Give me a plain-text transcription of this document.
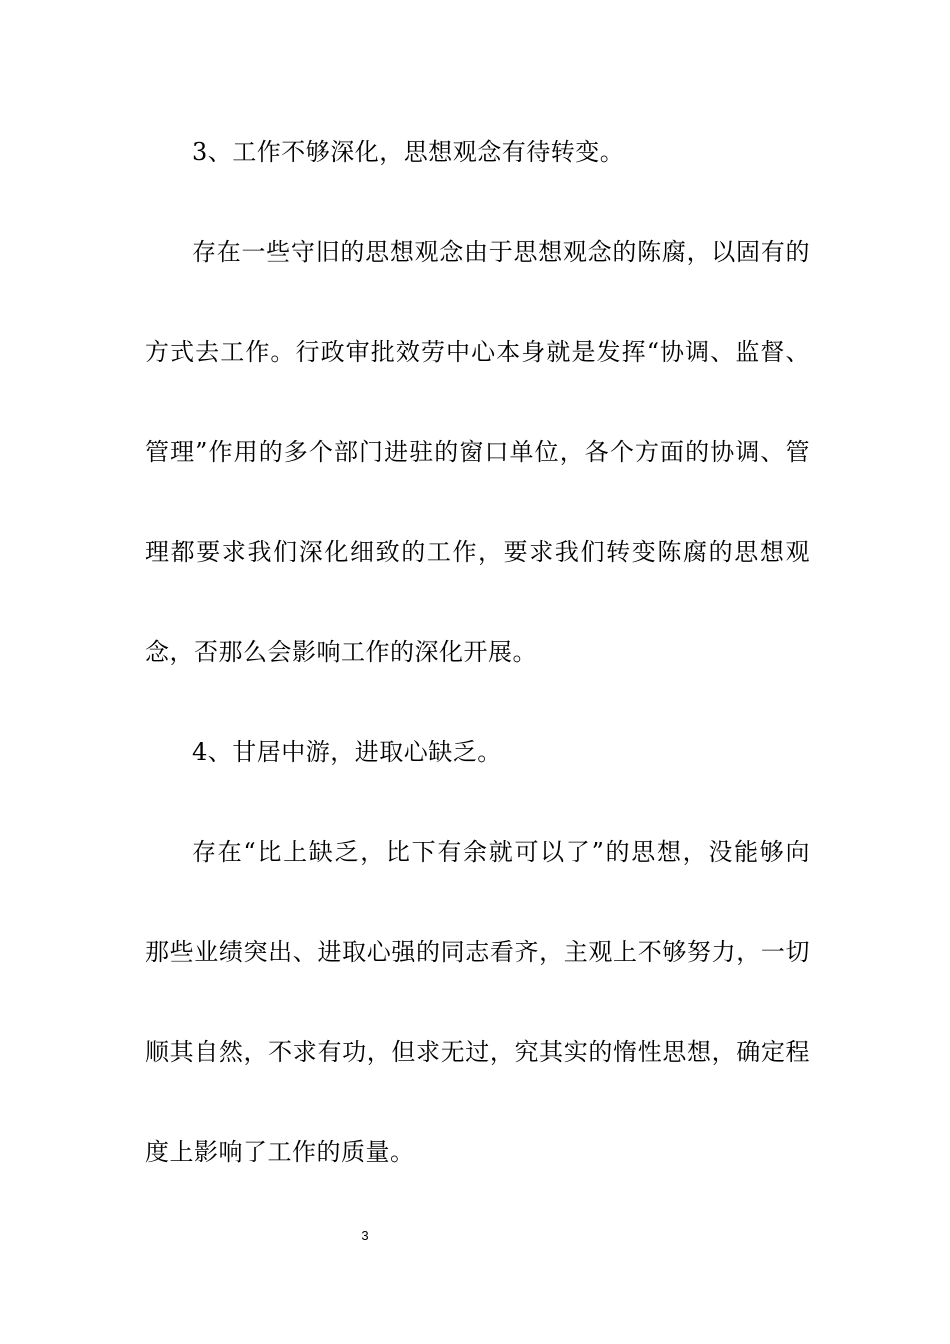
3、工作不够深化，思想观念有待转变。
存在一些守旧的思想观念由于思想观念的陈腐，以固有的
方式去工作。行政审批效劳中心本身就是发挥“协调、监督、
管理”作用的多个部门进驻的窗口单位，各个方面的协调、管
理都要求我们深化细致的工作，要求我们转变陈腐的思想观
念，否那么会影响工作的深化开展。
4、甘居中游，进取心缺乏。
存在“比上缺乏，比下有余就可以了”的思想，没能够向
那些业绩突出、进取心强的同志看齐，主观上不够努力，一切
顺其自然，不求有功，但求无过，究其实的惰性思想，确定程
度上影响了工作的质量。
3
